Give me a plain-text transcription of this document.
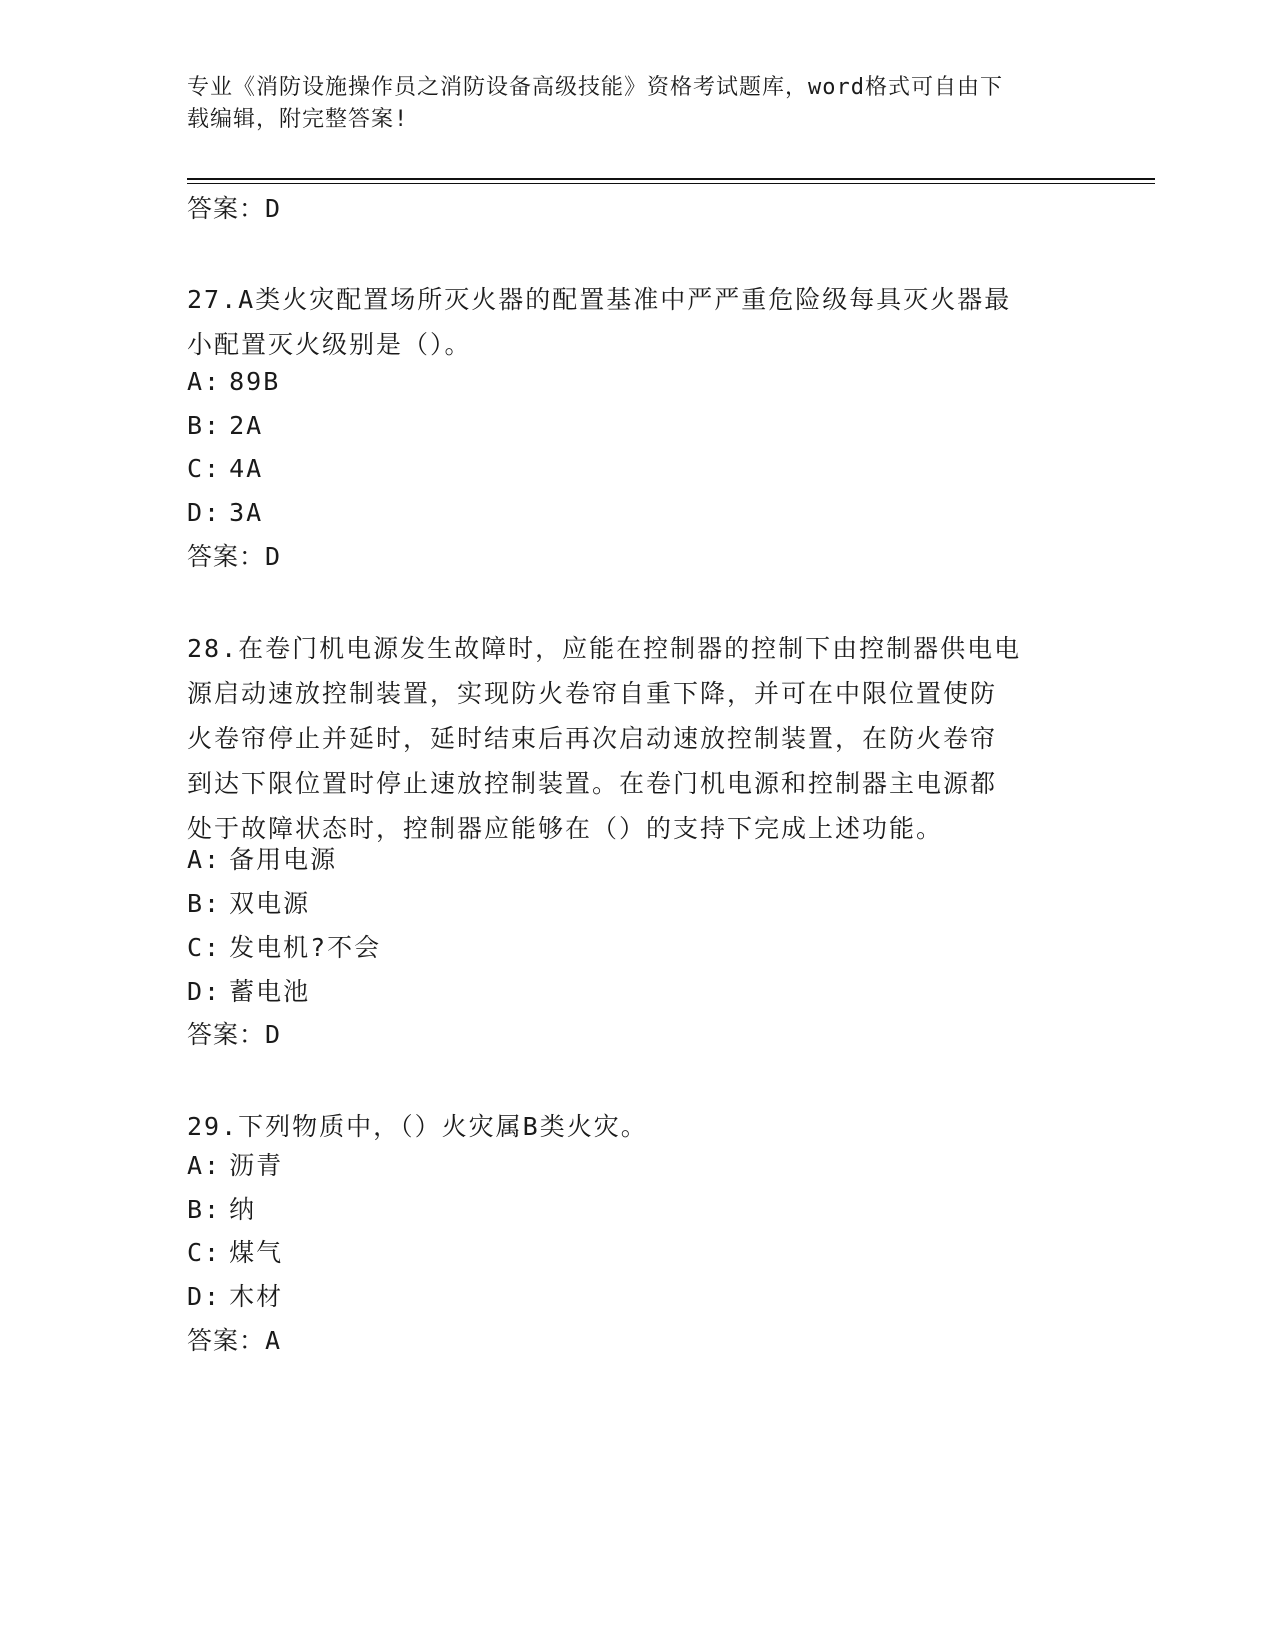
专业《消防设施操作员之消防设备高级技能》资格考试题库，word格式可自由下
载编辑，附完整答案!
答案：D
27.A类火灾配置场所灭火器的配置基准中严严重危险级每具灭火器最
小配置灭火级别是（）。
A: 89B
B: 2A
C: 4A
D: 3A
答案：D
28.在卷门机电源发生故障时，应能在控制器的控制下由控制器供电电
源启动速放控制装置，实现防火卷帘自重下降，并可在中限位置使防
火卷帘停止并延时，延时结束后再次启动速放控制装置，在防火卷帘
到达下限位置时停止速放控制装置。在卷门机电源和控制器主电源都
处于故障状态时，控制器应能够在（）的支持下完成上述功能。
A: 备用电源
B: 双电源
C: 发电机?不会
D: 蓄电池
答案：D
29.下列物质中，（）火灾属B类火灾。
A: 沥青
B: 纳
C: 煤气
D: 木材
答案：A
